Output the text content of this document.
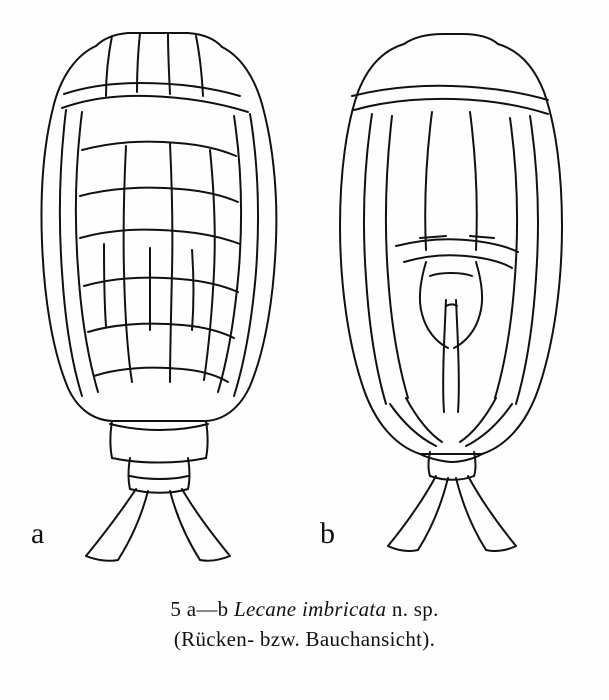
a	b
5 a—b Lecane imbricata n. sp.
(Rücken- bzw. Bauchansicht).
